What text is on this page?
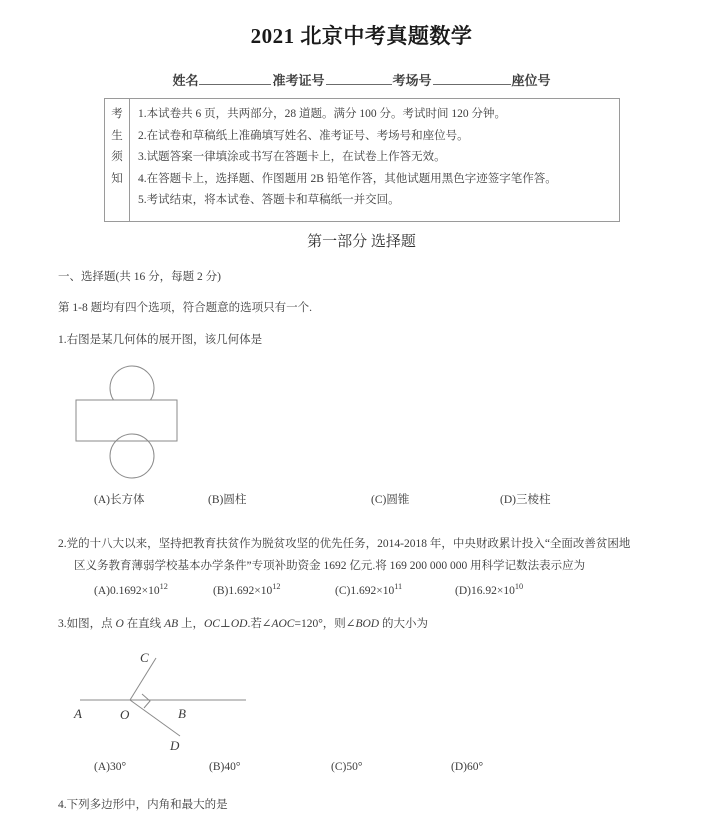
2021 北京中考真题数学
姓名	准考证号	考场号	座位号
考
生
须
知
1.本试卷共 6 页，共两部分，28 道题。满分 100 分。考试时间 120 分钟。
2.在试卷和草稿纸上准确填写姓名、准考证号、考场号和座位号。
3.试题答案一律填涂或书写在答题卡上，在试卷上作答无效。
4.在答题卡上，选择题、作图题用 2B 铅笔作答，其他试题用黑色字迹签字笔作答。
5.考试结束，将本试卷、答题卡和草稿纸一并交回。
第一部分 选择题
一、选择题(共 16 分，每题 2 分)
第 1-8 题均有四个选项，符合题意的选项只有一个.
1.右图是某几何体的展开图，该几何体是
(A)长方体	(B)圆柱	(C)圆锥	(D)三棱柱
2.党的十八大以来，坚持把教育扶贫作为脱贫攻坚的优先任务，2014-2018 年，中央财政累计投入“全面改善贫困地
区义务教育薄弱学校基本办学条件”专项补助资金 1692 亿元.将 169 200 000 000 用科学记数法表示应为
$(A)0.1692\times 10^{12}$	$(B)1.692\times 10^{12}$	$(C)1.692\times 10^{11}$	$(D)16.92\times 10^{10}$
3.如图，点 O 在直线 AB 上，OC⊥OD.若∠AOC=120°，则∠BOD 的大小为
A	O	B
C
D
(A)30°	(B)40°	(C)50°	(D)60°
4.下列多边形中，内角和最大的是
